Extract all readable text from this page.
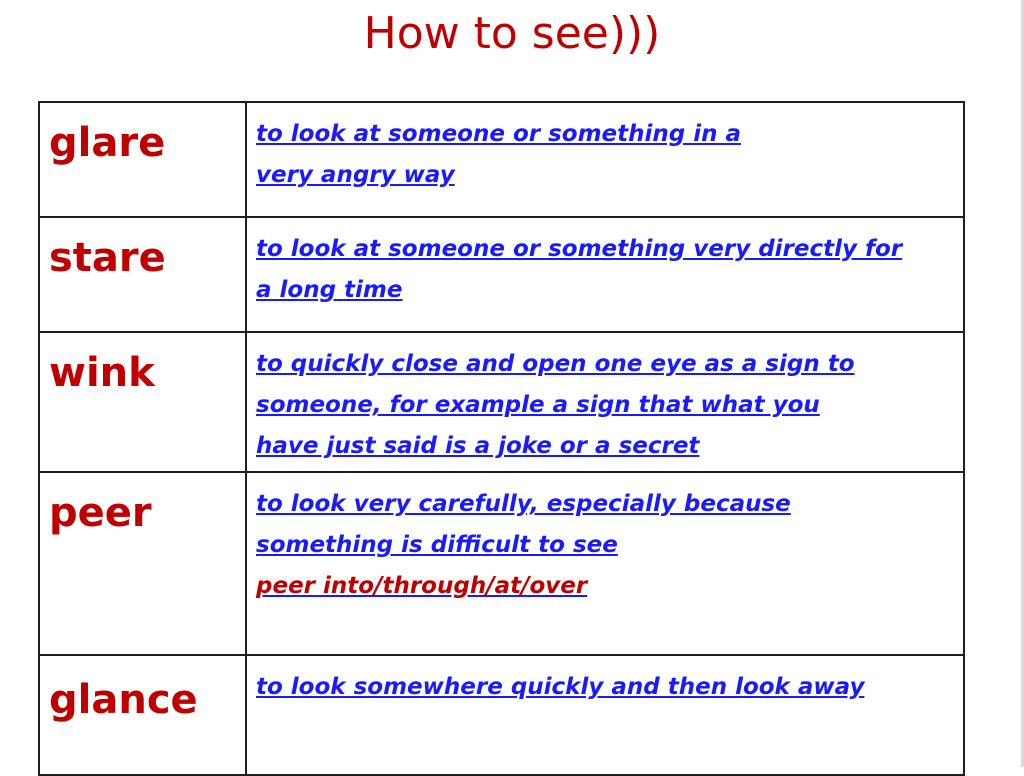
How to see)))
glare	to look at someone or something in a
very angry way

stare	to look at someone or something very directly for
a long time

wink	to quickly close and open one eye as a sign to
someone, for example a sign that what you
have just said is a joke or a secret

peer	to look very carefully, especially because
something is difficult to see
peer into/through/at/over

glance	to look somewhere quickly and then look away
